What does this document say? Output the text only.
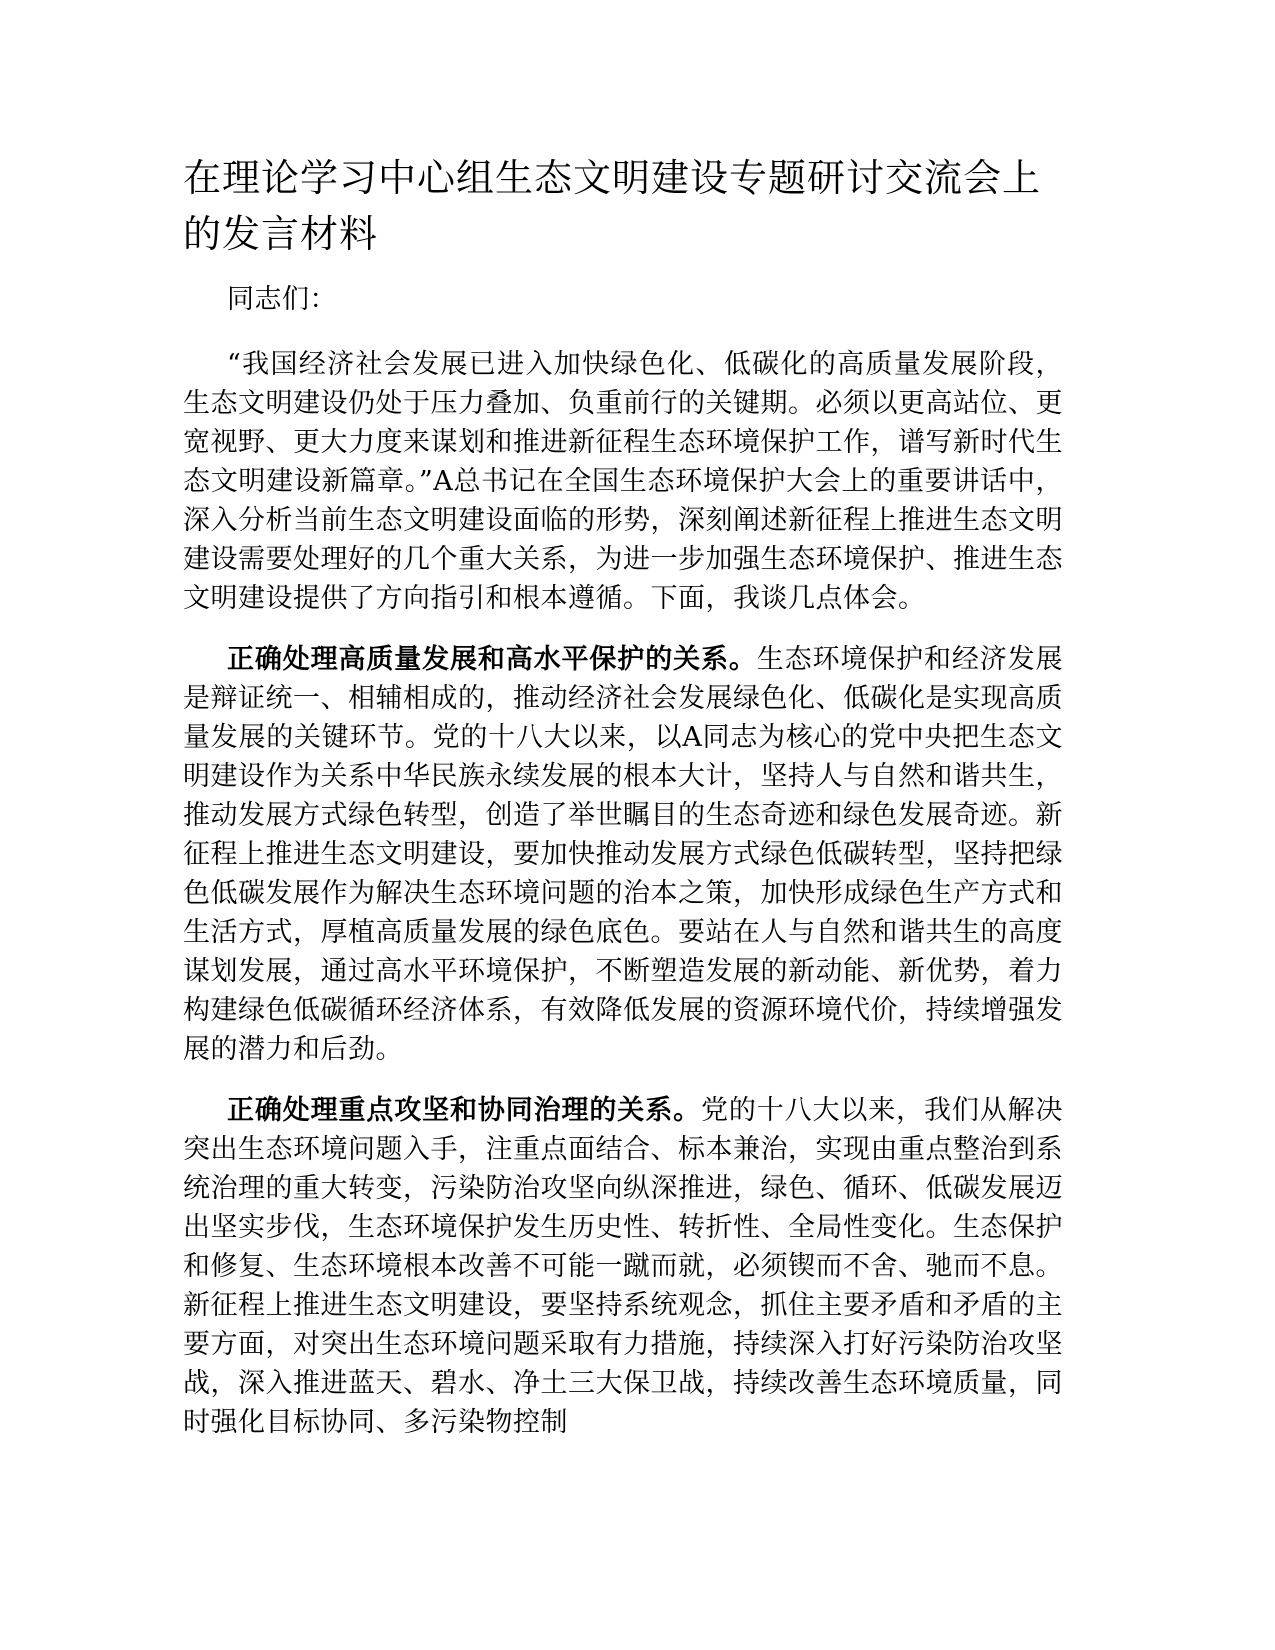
在理论学习中心组生态文明建设专题研讨交流会上的发言材料

同志们：

“我国经济社会发展已进入加快绿色化、低碳化的高质量发展阶段，生态文明建设仍处于压力叠加、负重前行的关键期。必须以更高站位、更宽视野、更大力度来谋划和推进新征程生态环境保护工作，谱写新时代生态文明建设新篇章。”A总书记在全国生态环境保护大会上的重要讲话中，深入分析当前生态文明建设面临的形势，深刻阐述新征程上推进生态文明建设需要处理好的几个重大关系，为进一步加强生态环境保护、推进生态文明建设提供了方向指引和根本遵循。下面，我谈几点体会。

正确处理高质量发展和高水平保护的关系。生态环境保护和经济发展是辩证统一、相辅相成的，推动经济社会发展绿色化、低碳化是实现高质量发展的关键环节。党的十八大以来，以A同志为核心的党中央把生态文明建设作为关系中华民族永续发展的根本大计，坚持人与自然和谐共生，推动发展方式绿色转型，创造了举世瞩目的生态奇迹和绿色发展奇迹。新征程上推进生态文明建设，要加快推动发展方式绿色低碳转型，坚持把绿色低碳发展作为解决生态环境问题的治本之策，加快形成绿色生产方式和生活方式，厚植高质量发展的绿色底色。要站在人与自然和谐共生的高度谋划发展，通过高水平环境保护，不断塑造发展的新动能、新优势，着力构建绿色低碳循环经济体系，有效降低发展的资源环境代价，持续增强发展的潜力和后劲。

正确处理重点攻坚和协同治理的关系。党的十八大以来，我们从解决突出生态环境问题入手，注重点面结合、标本兼治，实现由重点整治到系统治理的重大转变，污染防治攻坚向纵深推进，绿色、循环、低碳发展迈出坚实步伐，生态环境保护发生历史性、转折性、全局性变化。生态保护和修复、生态环境根本改善不可能一蹴而就，必须锲而不舍、驰而不息。新征程上推进生态文明建设，要坚持系统观念，抓住主要矛盾和矛盾的主要方面，对突出生态环境问题采取有力措施，持续深入打好污染防治攻坚战，深入推进蓝天、碧水、净土三大保卫战，持续改善生态环境质量，同时强化目标协同、多污染物控制
